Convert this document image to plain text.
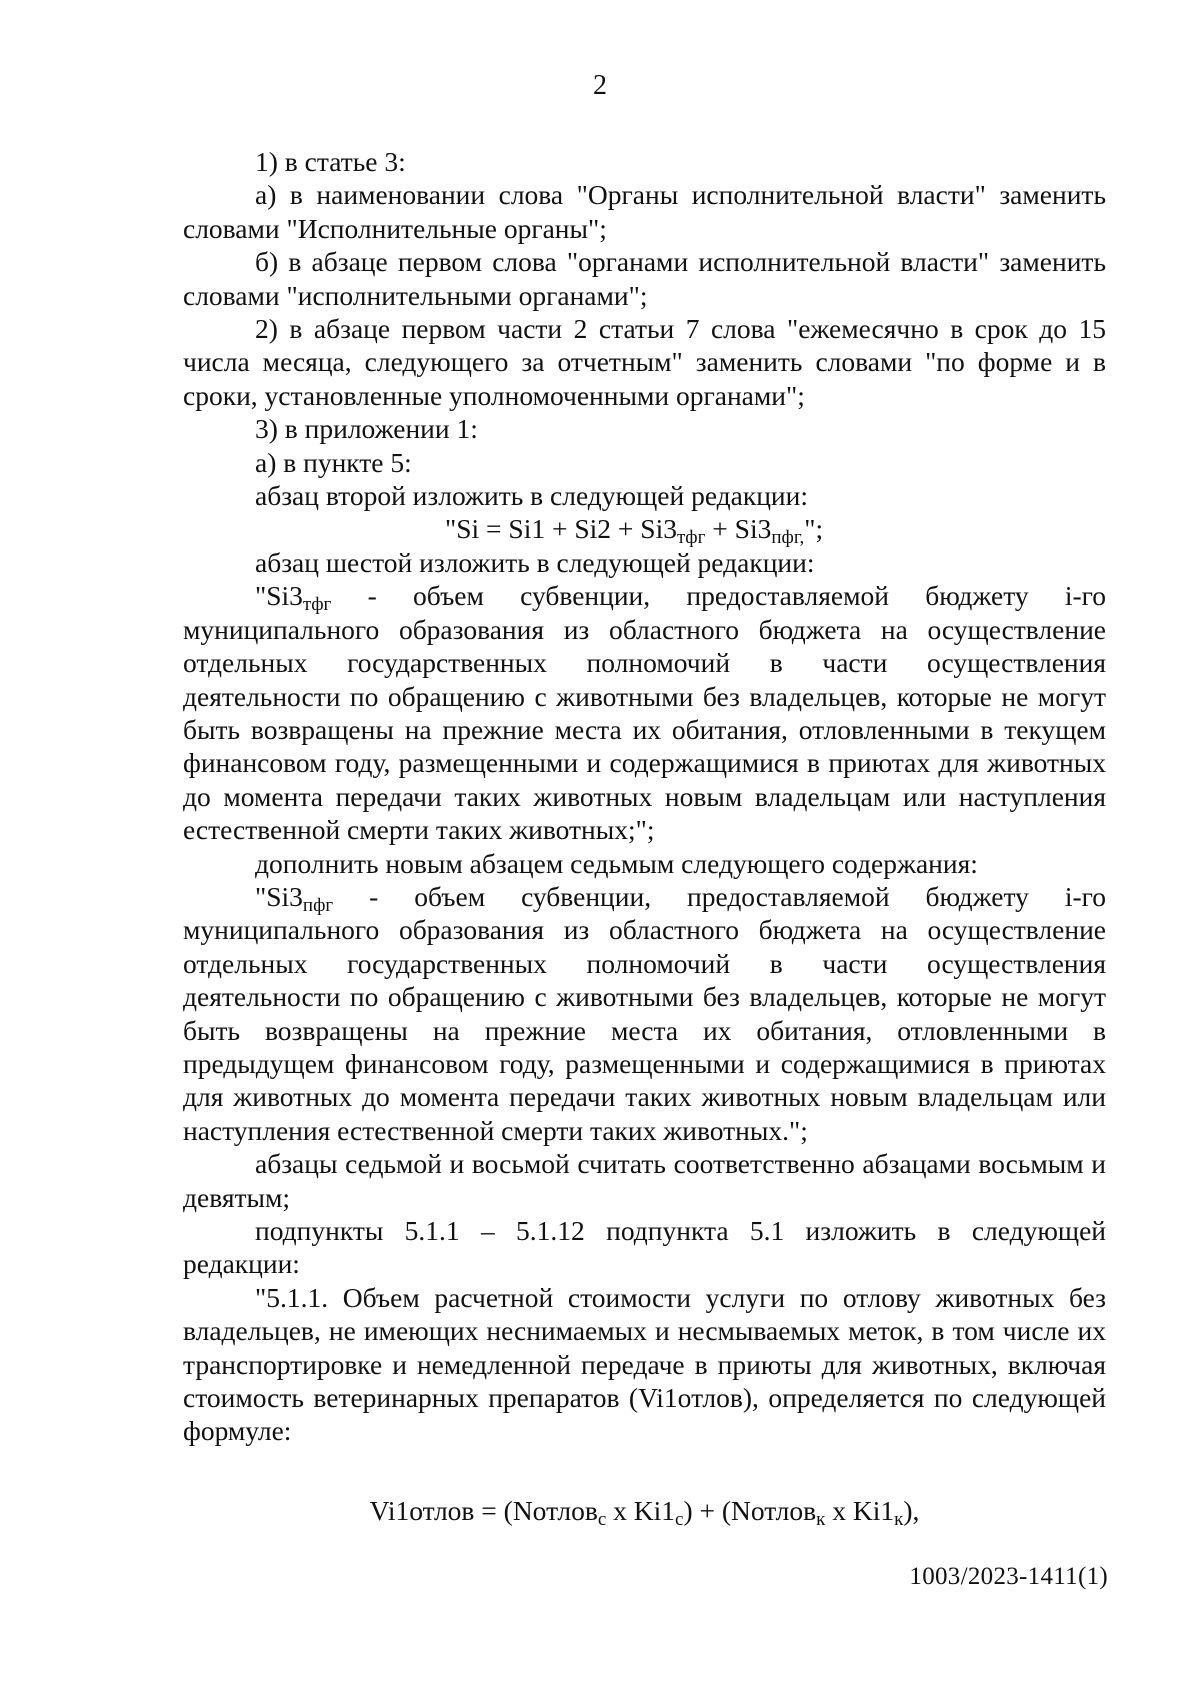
2

1) в статье 3:

а) в наименовании слова "Органы исполнительной власти" заменить словами "Исполнительные органы";

б) в абзаце первом слова "органами исполнительной власти" заменить словами "исполнительными органами";

2) в абзаце первом части 2 статьи 7 слова "ежемесячно в срок до 15 числа месяца, следующего за отчетным" заменить словами "по форме и в сроки, установленные уполномоченными органами";

3) в приложении 1:

а) в пункте 5:

абзац второй изложить в следующей редакции:

"$Si = Si1 + Si2 + Si3_{тфг} + Si3_{пфг,}$";

абзац шестой изложить в следующей редакции:

"$Si3_{тфг}$ - объем субвенции, предоставляемой бюджету i-го муниципального образования из областного бюджета на осуществление отдельных государственных полномочий в части осуществления деятельности по обращению с животными без владельцев, которые не могут быть возвращены на прежние места их обитания, отловленными в текущем финансовом году, размещенными и содержащимися в приютах для животных до момента передачи таких животных новым владельцам или наступления естественной смерти таких животных;";

дополнить новым абзацем седьмым следующего содержания:

"$Si3_{пфг}$ - объем субвенции, предоставляемой бюджету i-го муниципального образования из областного бюджета на осуществление отдельных государственных полномочий в части осуществления деятельности по обращению с животными без владельцев, которые не могут быть возвращены на прежние места их обитания, отловленными в предыдущем финансовом году, размещенными и содержащимися в приютах для животных до момента передачи таких животных новым владельцам или наступления естественной смерти таких животных.";

абзацы седьмой и восьмой считать соответственно абзацами восьмым и девятым;

подпункты 5.1.1 – 5.1.12 подпункта 5.1 изложить в следующей редакции:

"5.1.1. Объем расчетной стоимости услуги по отлову животных без владельцев, не имеющих неснимаемых и несмываемых меток, в том числе их транспортировке и немедленной передаче в приюты для животных, включая стоимость ветеринарных препаратов (Vi1отлов), определяется по следующей формуле:

Vi1отлов = (Nотлов$_с$ x $Ki1_с$) + (Nотлов$_к$ x $Ki1_к$),

1003/2023-1411(1)
